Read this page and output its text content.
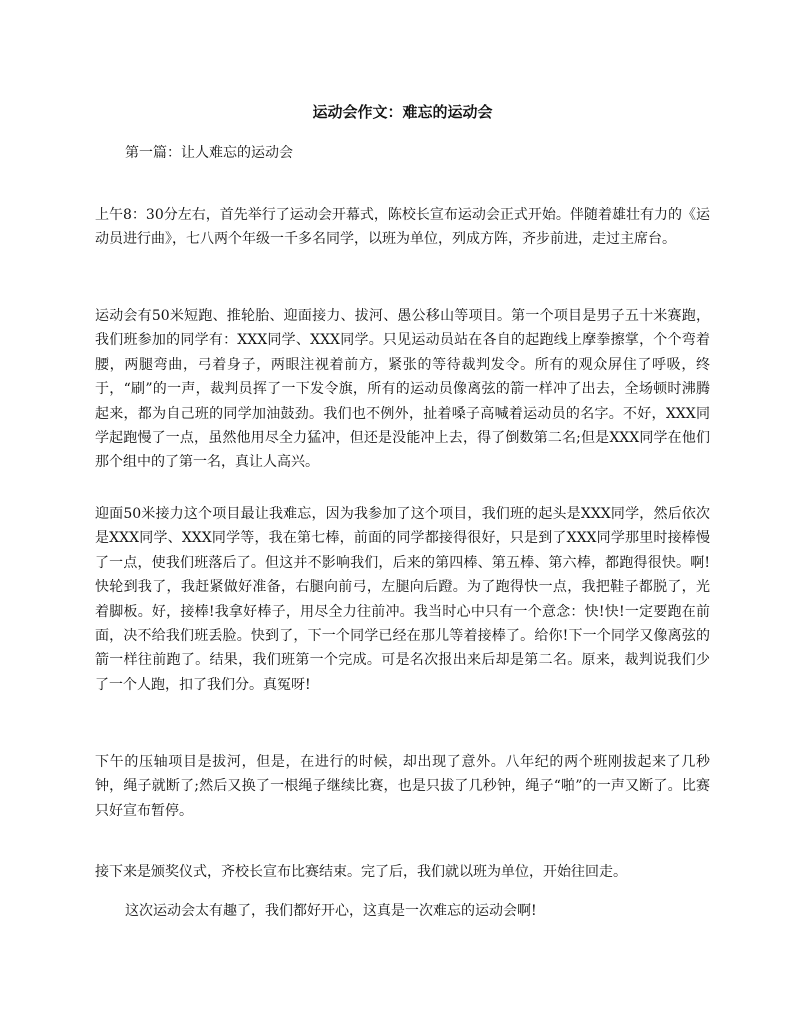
运动会作文：难忘的运动会

第一篇：让人难忘的运动会

上午8：30分左右，首先举行了运动会开幕式，陈校长宣布运动会正式开始。伴随着雄壮有力的《运动员进行曲》，七八两个年级一千多名同学，以班为单位，列成方阵，齐步前进，走过主席台。

运动会有50米短跑、推轮胎、迎面接力、拔河、愚公移山等项目。第一个项目是男子五十米赛跑，我们班参加的同学有：XXX同学、XXX同学。只见运动员站在各自的起跑线上摩拳擦掌，个个弯着腰，两腿弯曲，弓着身子，两眼注视着前方，紧张的等待裁判发令。所有的观众屏住了呼吸，终于，“刷”的一声，裁判员挥了一下发令旗，所有的运动员像离弦的箭一样冲了出去，全场顿时沸腾起来，都为自己班的同学加油鼓劲。我们也不例外，扯着嗓子高喊着运动员的名字。不好，XXX同学起跑慢了一点，虽然他用尽全力猛冲，但还是没能冲上去，得了倒数第二名;但是XXX同学在他们那个组中的了第一名，真让人高兴。

迎面50米接力这个项目最让我难忘，因为我参加了这个项目，我们班的起头是XXX同学，然后依次是XXX同学、XXX同学等，我在第七棒，前面的同学都接得很好，只是到了XXX同学那里时接棒慢了一点，使我们班落后了。但这并不影响我们，后来的第四棒、第五棒、第六棒，都跑得很快。啊!快轮到我了，我赶紧做好准备，右腿向前弓，左腿向后蹬。为了跑得快一点，我把鞋子都脱了，光着脚板。好，接棒!我拿好棒子，用尽全力往前冲。我当时心中只有一个意念：快!快!一定要跑在前面，决不给我们班丢脸。快到了，下一个同学已经在那儿等着接棒了。给你!下一个同学又像离弦的箭一样往前跑了。结果，我们班第一个完成。可是名次报出来后却是第二名。原来，裁判说我们少了一个人跑，扣了我们分。真冤呀!

下午的压轴项目是拔河，但是，在进行的时候，却出现了意外。八年纪的两个班刚拔起来了几秒钟，绳子就断了;然后又换了一根绳子继续比赛，也是只拔了几秒钟，绳子“啪”的一声又断了。比赛只好宣布暂停。

接下来是颁奖仪式，齐校长宣布比赛结束。完了后，我们就以班为单位，开始往回走。

这次运动会太有趣了，我们都好开心，这真是一次难忘的运动会啊!
